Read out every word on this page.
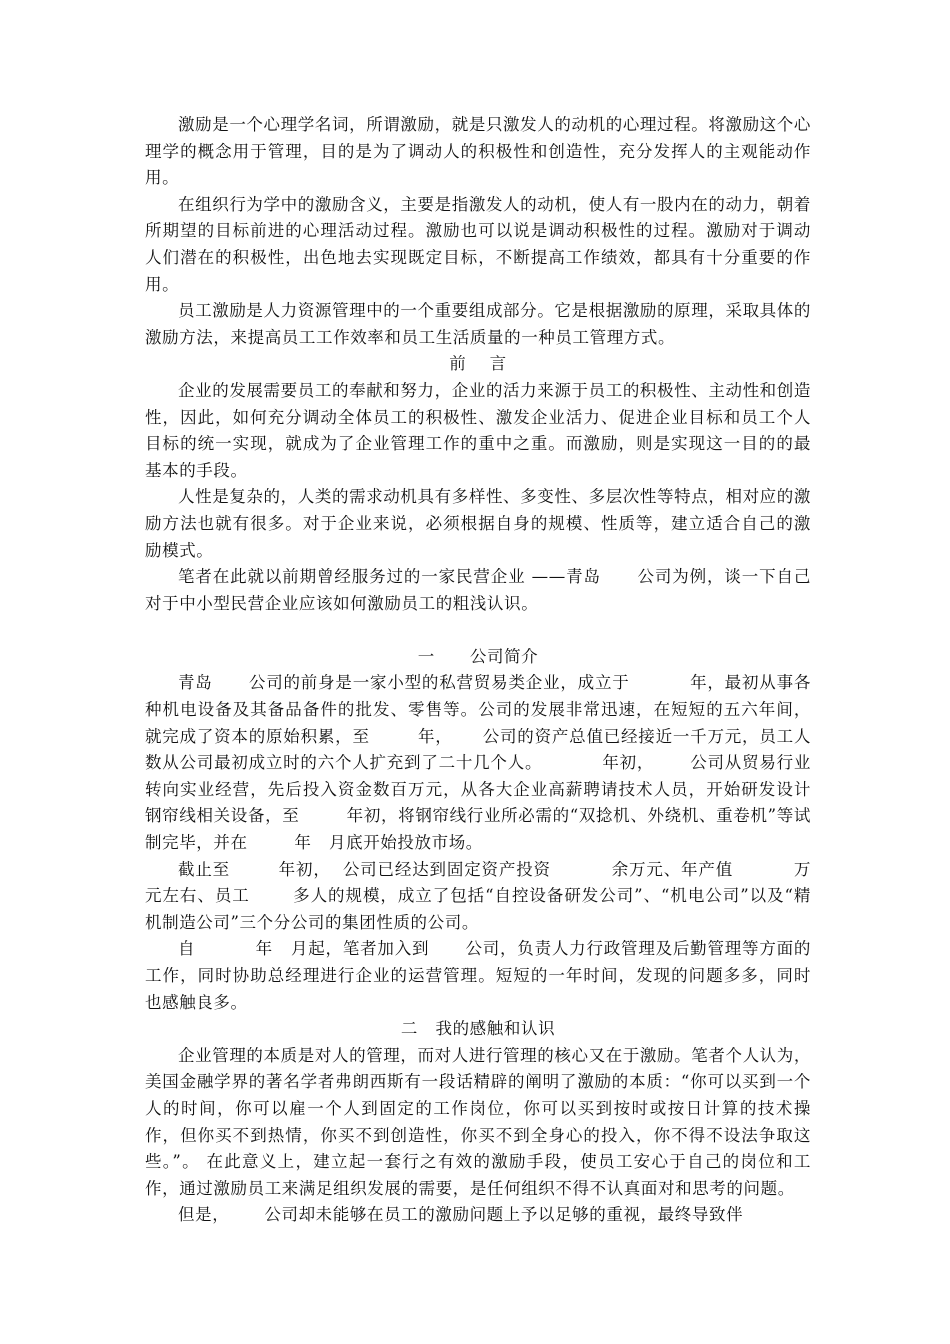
激励是一个心理学名词，所谓激励，就是只激发人的动机的心理过程。将激励这个心理学的概念用于管理，目的是为了调动人的积极性和创造性，充分发挥人的主观能动作用。

在组织行为学中的激励含义，主要是指激发人的动机，使人有一股内在的动力，朝着所期望的目标前进的心理活动过程。激励也可以说是调动积极性的过程。激励对于调动人们潜在的积极性，出色地去实现既定目标，不断提高工作绩效，都具有十分重要的作用。

员工激励是人力资源管理中的一个重要组成部分。它是根据激励的原理，采取具体的激励方法，来提高员工工作效率和员工生活质量的一种员工管理方式。

前    言

企业的发展需要员工的奉献和努力，企业的活力来源于员工的积极性、主动性和创造性，因此，如何充分调动全体员工的积极性、激发企业活力、促进企业目标和员工个人目标的统一实现，就成为了企业管理工作的重中之重。而激励，则是实现这一目的的最基本的手段。

人性是复杂的，人类的需求动机具有多样性、多变性、多层次性等特点，相对应的激励方法也就有很多。对于企业来说，必须根据自身的规模、性质等，建立适合自己的激励模式。

笔者在此就以前期曾经服务过的一家民营企业 ——青岛      公司为例，谈一下自己对于中小型民营企业应该如何激励员工的粗浅认识。

一      公司简介

青岛      公司的前身是一家小型的私营贸易类企业，成立于          年，最初从事各种机电设备及其备品备件的批发、零售等。公司的发展非常迅速，在短短的五六年间，就完成了资本的原始积累，至        年，     公司的资产总值已经接近一千万元，员工人数从公司最初成立时的六个人扩充到了二十几个人。          年初，      公司从贸易行业转向实业经营，先后投入资金数百万元，从各大企业高薪聘请技术人员，开始研发设计钢帘线相关设备，至        年初，将钢帘线行业所必需的“双捻机、外绕机、重卷机”等试制完毕，并在        年   月底开始投放市场。

截止至        年初，  公司已经达到固定资产投资          余万元、年产值          万元左右、员工       多人的规模，成立了包括“自控设备研发公司”、“机电公司”以及“精机制造公司”三个分公司的集团性质的公司。

自          年   月起，笔者加入到      公司，负责人力行政管理及后勤管理等方面的工作，同时协助总经理进行企业的运营管理。短短的一年时间，发现的问题多多，同时也感触良多。

二   我的感触和认识

企业管理的本质是对人的管理，而对人进行管理的核心又在于激励。笔者个人认为，美国金融学界的著名学者弗朗西斯有一段话精辟的阐明了激励的本质：“你可以买到一个人的时间，你可以雇一个人到固定的工作岗位，你可以买到按时或按日计算的技术操作，但你买不到热情，你买不到创造性，你买不到全身心的投入，你不得不设法争取这些。”。 在此意义上，建立起一套行之有效的激励手段，使员工安心于自己的岗位和工作，通过激励员工来满足组织发展的需要，是任何组织不得不认真面对和思考的问题。

但是，      公司却未能够在员工的激励问题上予以足够的重视，最终导致伴
